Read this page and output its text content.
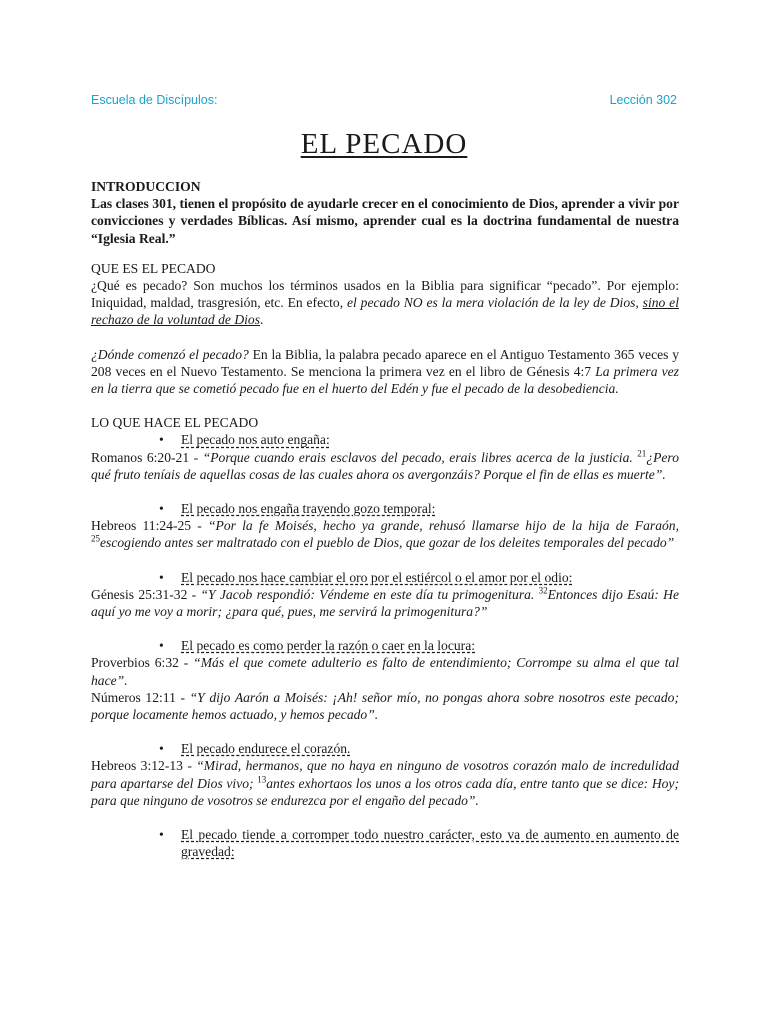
Escuela de Discípulos:	Lección 302
EL PECADO

INTRODUCCION

Las clases 301, tienen el propósito de ayudarle crecer en el conocimiento de Dios, aprender a vivir por convicciones y verdades Bíblicas. Así mismo, aprender cual es la doctrina fundamental de nuestra “Iglesia Real.”

QUE ES EL PECADO

¿Qué es pecado? Son muchos los términos usados en la Biblia para significar “pecado”. Por ejemplo: Iniquidad, maldad, trasgresión, etc. En efecto, el pecado NO es la mera violación de la ley de Dios, sino el rechazo de la voluntad de Dios.

¿Dónde comenzó el pecado? En la Biblia, la palabra pecado aparece en el Antiguo Testamento 365 veces y 208 veces en el Nuevo Testamento. Se menciona la primera vez en el libro de Génesis 4:7 La primera vez en la tierra que se cometió pecado fue en el huerto del Edén y fue el pecado de la desobediencia.

LO QUE HACE EL PECADO

• El pecado nos auto engaña:

Romanos 6:20-21 - “Porque cuando erais esclavos del pecado, erais libres acerca de la justicia. $^{21}$¿Pero qué fruto teníais de aquellas cosas de las cuales ahora os avergonzáis? Porque el fin de ellas es muerte”.

• El pecado nos engaña trayendo gozo temporal:

Hebreos 11:24-25 - “Por la fe Moisés, hecho ya grande, rehusó llamarse hijo de la hija de Faraón, $^{25}$escogiendo antes ser maltratado con el pueblo de Dios, que gozar de los deleites temporales del pecado”

• El pecado nos hace cambiar el oro por el estiércol o el amor por el odio:

Génesis 25:31-32 - “Y Jacob respondió: Véndeme en este día tu primogenitura. $^{32}$Entonces dijo Esaú: He aquí yo me voy a morir; ¿para qué, pues, me servirá la primogenitura?”

• El pecado es como perder la razón o caer en la locura:

Proverbios 6:32 - “Más el que comete adulterio es falto de entendimiento; Corrompe su alma el que tal hace”.

Números 12:11 - “Y dijo Aarón a Moisés: ¡Ah! señor mío, no pongas ahora sobre nosotros este pecado; porque locamente hemos actuado, y hemos pecado”.

• El pecado endurece el corazón.

Hebreos 3:12-13 - “Mirad, hermanos, que no haya en ninguno de vosotros corazón malo de incredulidad para apartarse del Dios vivo; $^{13}$antes exhortaos los unos a los otros cada día, entre tanto que se dice: Hoy; para que ninguno de vosotros se endurezca por el engaño del pecado”.

• El pecado tiende a corromper todo nuestro carácter, esto va de aumento en aumento de gravedad:
